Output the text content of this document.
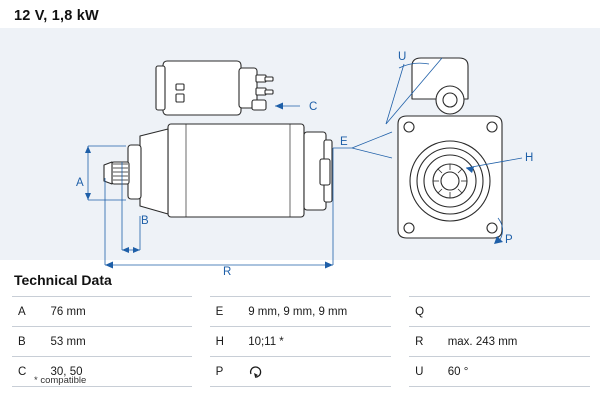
12 V, 1,8 kW
A
B
C
E
R
U
H
P
Technical Data
A	76 mm		E	9 mm, 9 mm, 9 mm		Q	
B	53 mm		H	10;11 *		R	max. 243 mm
C	30, 50		P			U	60 °
* compatible
